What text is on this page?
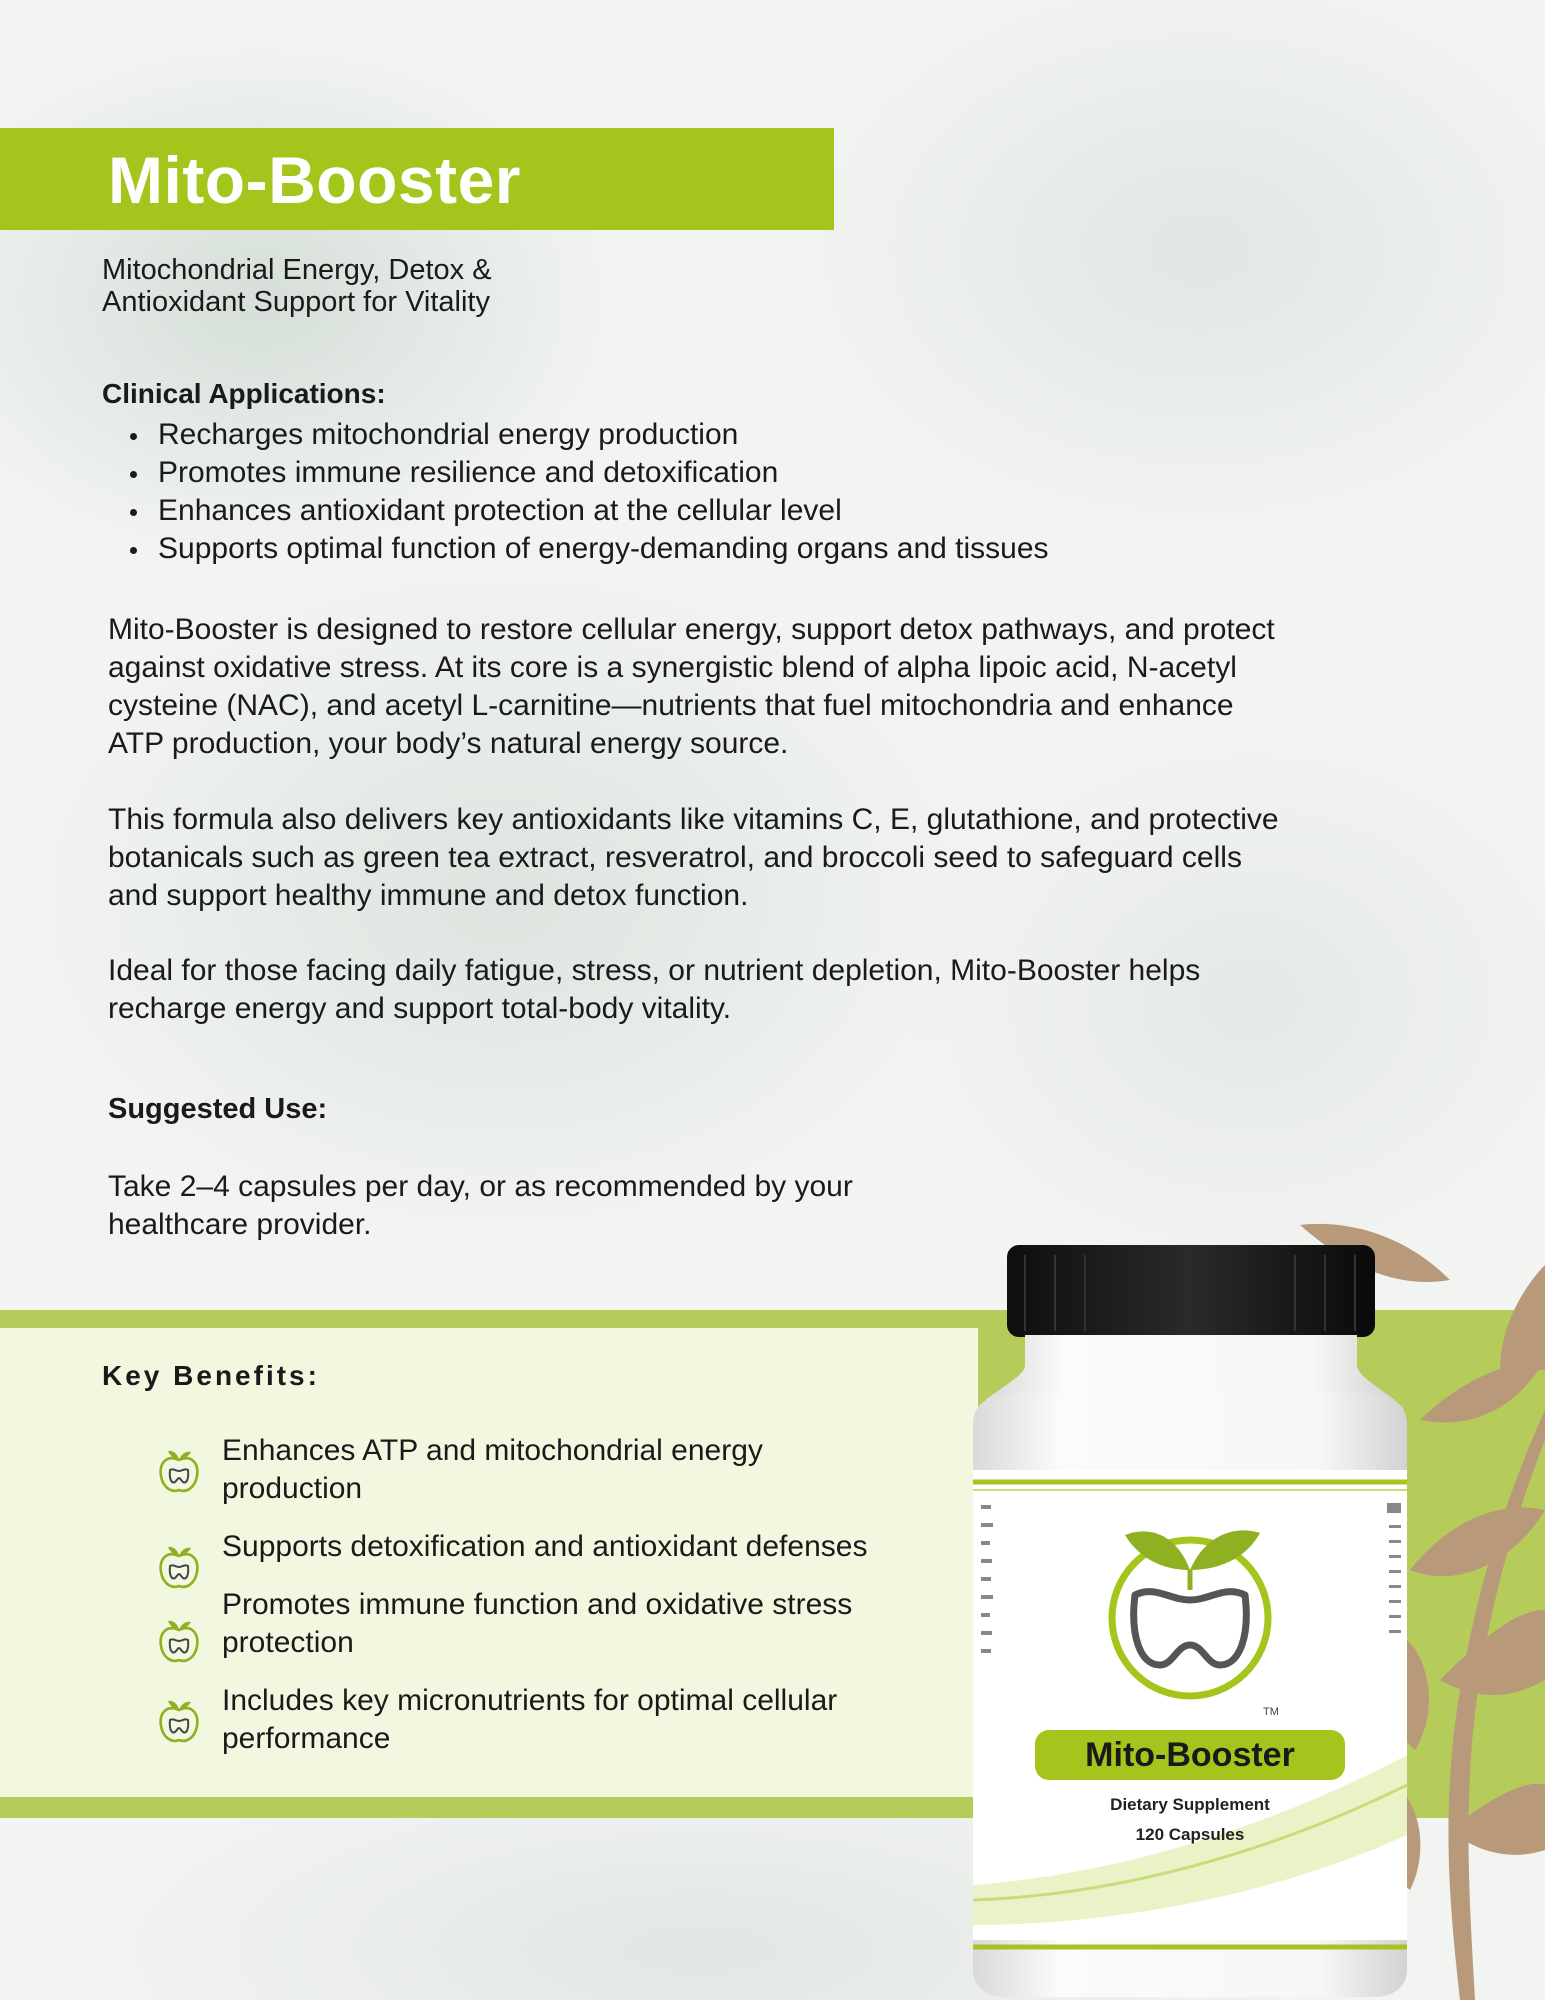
Mito-Booster
Mitochondrial Energy, Detox &
Antioxidant Support for Vitality
Clinical Applications:
Recharges mitochondrial energy production
Promotes immune resilience and detoxification
Enhances antioxidant protection at the cellular level
Supports optimal function of energy-demanding organs and tissues
Mito-Booster is designed to restore cellular energy, support detox pathways, and protect
against oxidative stress. At its core is a synergistic blend of alpha lipoic acid, N-acetyl
cysteine (NAC), and acetyl L-carnitine—nutrients that fuel mitochondria and enhance
ATP production, your body’s natural energy source.
This formula also delivers key antioxidants like vitamins C, E, glutathione, and protective
botanicals such as green tea extract, resveratrol, and broccoli seed to safeguard cells
and support healthy immune and detox function.
Ideal for those facing daily fatigue, stress, or nutrient depletion, Mito-Booster helps
recharge energy and support total-body vitality.
Suggested Use:
Take 2–4 capsules per day, or as recommended by your
healthcare provider.
Key Benefits:
Enhances ATP and mitochondrial energy
production
Supports detoxification and antioxidant defenses
Promotes immune function and oxidative stress
protection
Includes key micronutrients for optimal cellular
performance
TM
Mito-Booster
Dietary Supplement
120 Capsules
